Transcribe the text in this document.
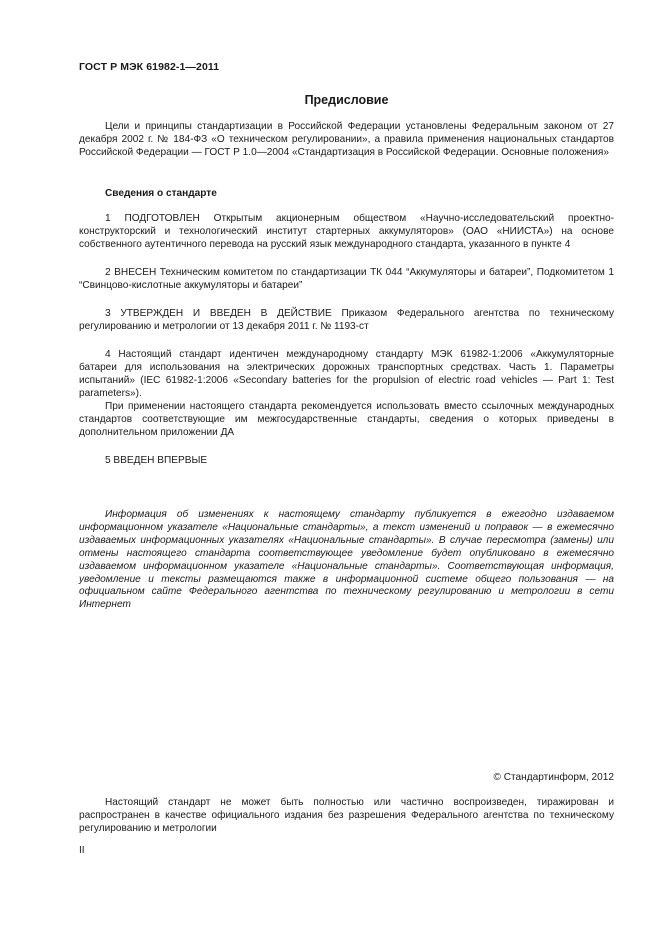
ГОСТ Р МЭК 61982-1—2011
Предисловие

Цели и принципы стандартизации в Российской Федерации установлены Федеральным законом от 27 декабря 2002 г. № 184-ФЗ «О техническом регулировании», а правила применения национальных стандартов Российской Федерации — ГОСТ Р 1.0—2004 «Стандартизация в Российской Федерации. Основные положения»

Сведения о стандарте

1 ПОДГОТОВЛЕН Открытым акционерным обществом «Научно-исследовательский проектно-конструкторский и технологический институт стартерных аккумуляторов» (ОАО «НИИСТА») на основе собственного аутентичного перевода на русский язык международного стандарта, указанного в пункте 4

2 ВНЕСЕН Техническим комитетом по стандартизации ТК 044 “Аккумуляторы и батареи”, Подкомитетом 1 “Свинцово-кислотные аккумуляторы и батареи”

3 УТВЕРЖДЕН И ВВЕДЕН В ДЕЙСТВИЕ Приказом Федерального агентства по техническому регулированию и метрологии от 13 декабря 2011 г. № 1193-ст

4 Настоящий стандарт идентичен международному стандарту МЭК 61982-1:2006 «Аккумуляторные батареи для использования на электрических дорожных транспортных средствах. Часть 1. Параметры испытаний» (IEC 61982-1:2006 «Secondary batteries for the propulsion of electric road vehicles — Part 1: Test parameters»).

При применении настоящего стандарта рекомендуется использовать вместо ссылочных международных стандартов соответствующие им межгосударственные стандарты, сведения о которых приведены в дополнительном приложении ДА

5 ВВЕДЕН ВПЕРВЫЕ

Информация об изменениях к настоящему стандарту публикуется в ежегодно издаваемом информационном указателе «Национальные стандарты», а текст изменений и поправок — в ежемесячно издаваемых информационных указателях «Национальные стандарты». В случае пересмотра (замены) или отмены настоящего стандарта соответствующее уведомление будет опубликовано в ежемесячно издаваемом информационном указателе «Национальные стандарты». Соответствующая информация, уведомление и тексты размещаются также в информационной системе общего пользования — на официальном сайте Федерального агентства по техническому регулированию и метрологии в сети Интернет

© Стандартинформ, 2012

Настоящий стандарт не может быть полностью или частично воспроизведен, тиражирован и распространен в качестве официального издания без разрешения Федерального агентства по техническому регулированию и метрологии

II
